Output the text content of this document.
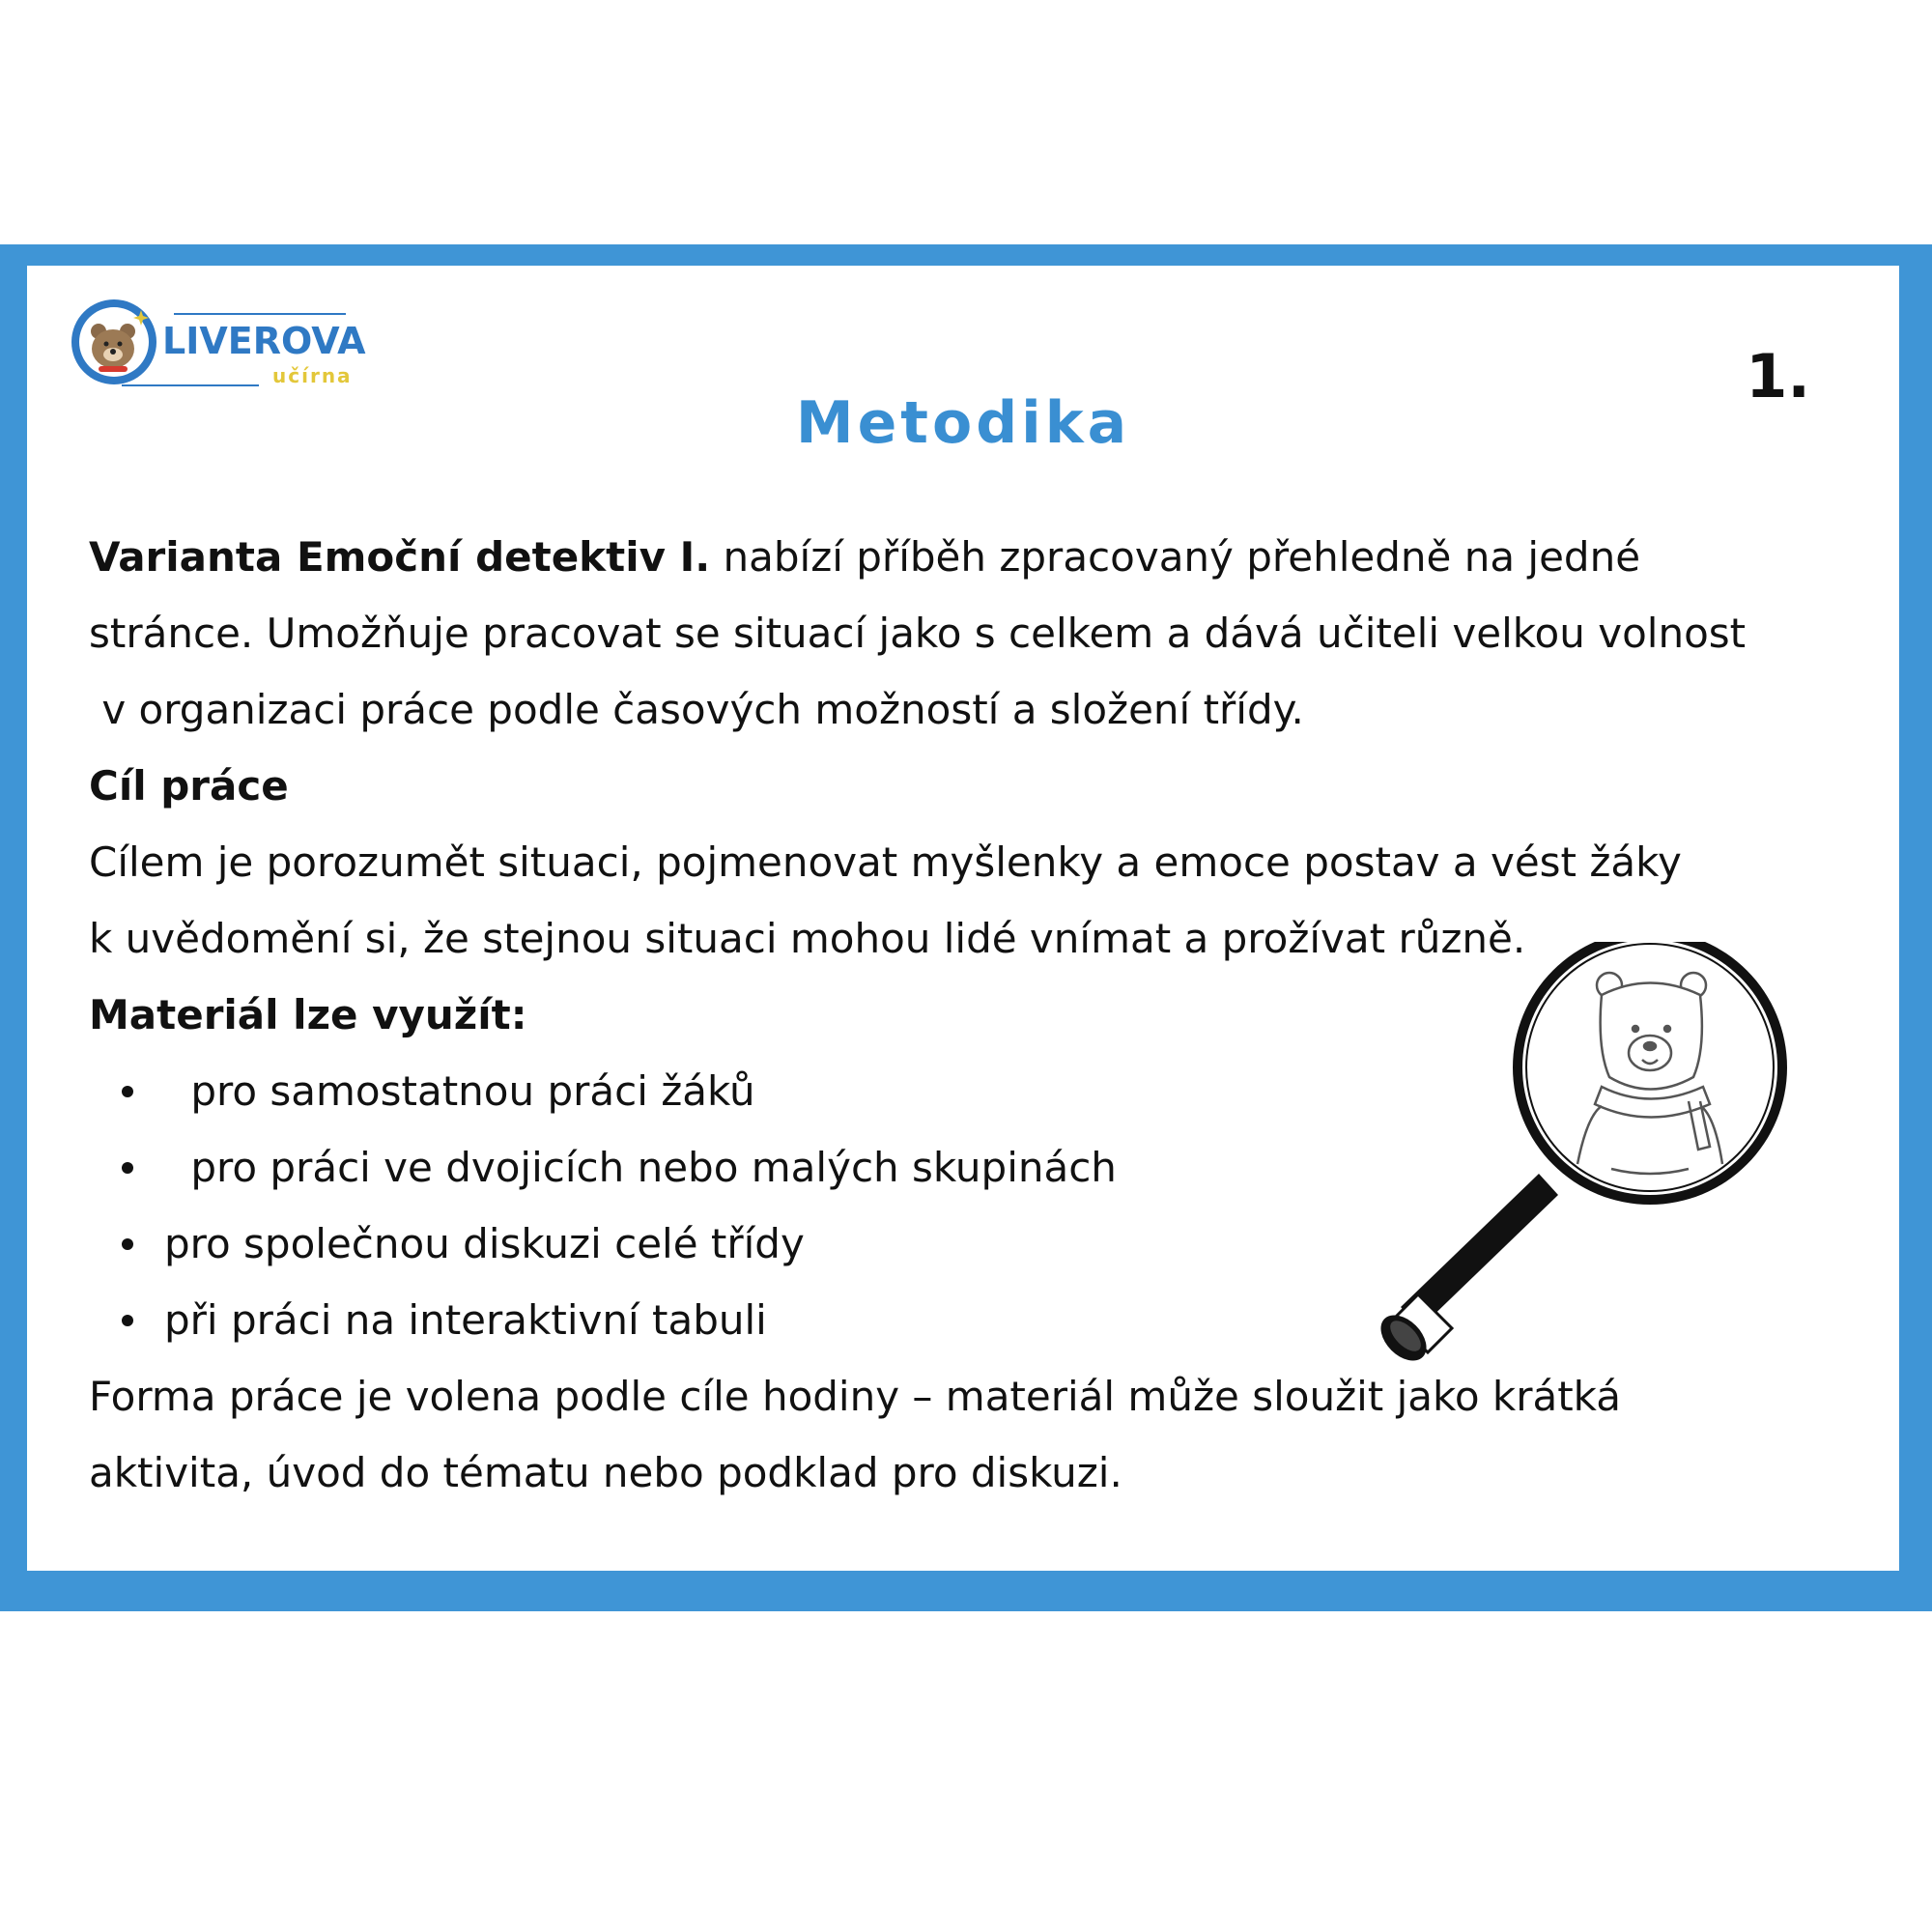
LIVEROVA
učírna	1.
Metodika

Varianta Emoční detektiv I. nabízí příběh zpracovaný přehledně na jedné

stránce. Umožňuje pracovat se situací jako s celkem a dává učiteli velkou volnost

v organizaci práce podle časových možností a složení třídy.

Cíl práce

Cílem je porozumět situaci, pojmenovat myšlenky a emoce postav a vést žáky

k uvědomění si, že stejnou situaci mohou lidé vnímat a prožívat různě.

Materiál lze využít:

pro samostatnou práci žáků
pro práci ve dvojicích nebo malých skupinách
pro společnou diskuzi celé třídy
při práci na interaktivní tabuli

Forma práce je volena podle cíle hodiny – materiál může sloužit jako krátká

aktivita, úvod do tématu nebo podklad pro diskuzi.
